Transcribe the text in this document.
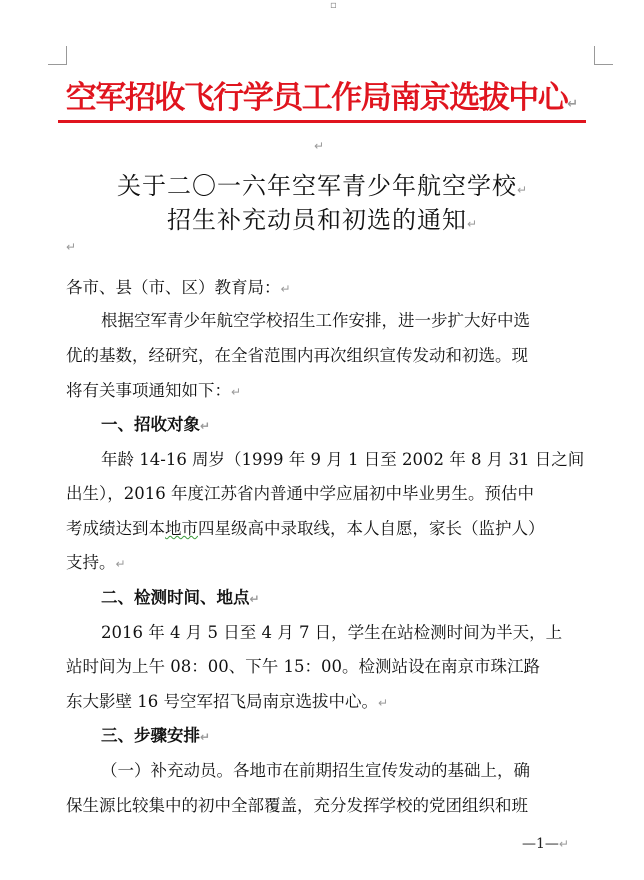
▫
空军招收飞行学员工作局南京选拔中心↵
↵
关于二〇一六年空军青少年航空学校↵
招生补充动员和初选的通知↵
↵
各市、县（市、区）教育局：↵
根据空军青少年航空学校招生工作安排，进一步扩大好中选
优的基数，经研究，在全省范围内再次组织宣传发动和初选。现
将有关事项通知如下：↵
一、招收对象↵
年龄 14-16 周岁（1999 年 9 月 1 日至 2002 年 8 月 31 日之间
出生），2016 年度江苏省内普通中学应届初中毕业男生。预估中
考成绩达到本地市四星级高中录取线，本人自愿，家长（监护人）
支持。↵
二、检测时间、地点↵
2016 年 4 月 5 日至 4 月 7 日，学生在站检测时间为半天，上
站时间为上午 08：00、下午 15：00。检测站设在南京市珠江路
东大影壁 16 号空军招飞局南京选拔中心。↵
三、步骤安排↵
（一）补充动员。各地市在前期招生宣传发动的基础上，确
保生源比较集中的初中全部覆盖，充分发挥学校的党团组织和班
—1—↵
